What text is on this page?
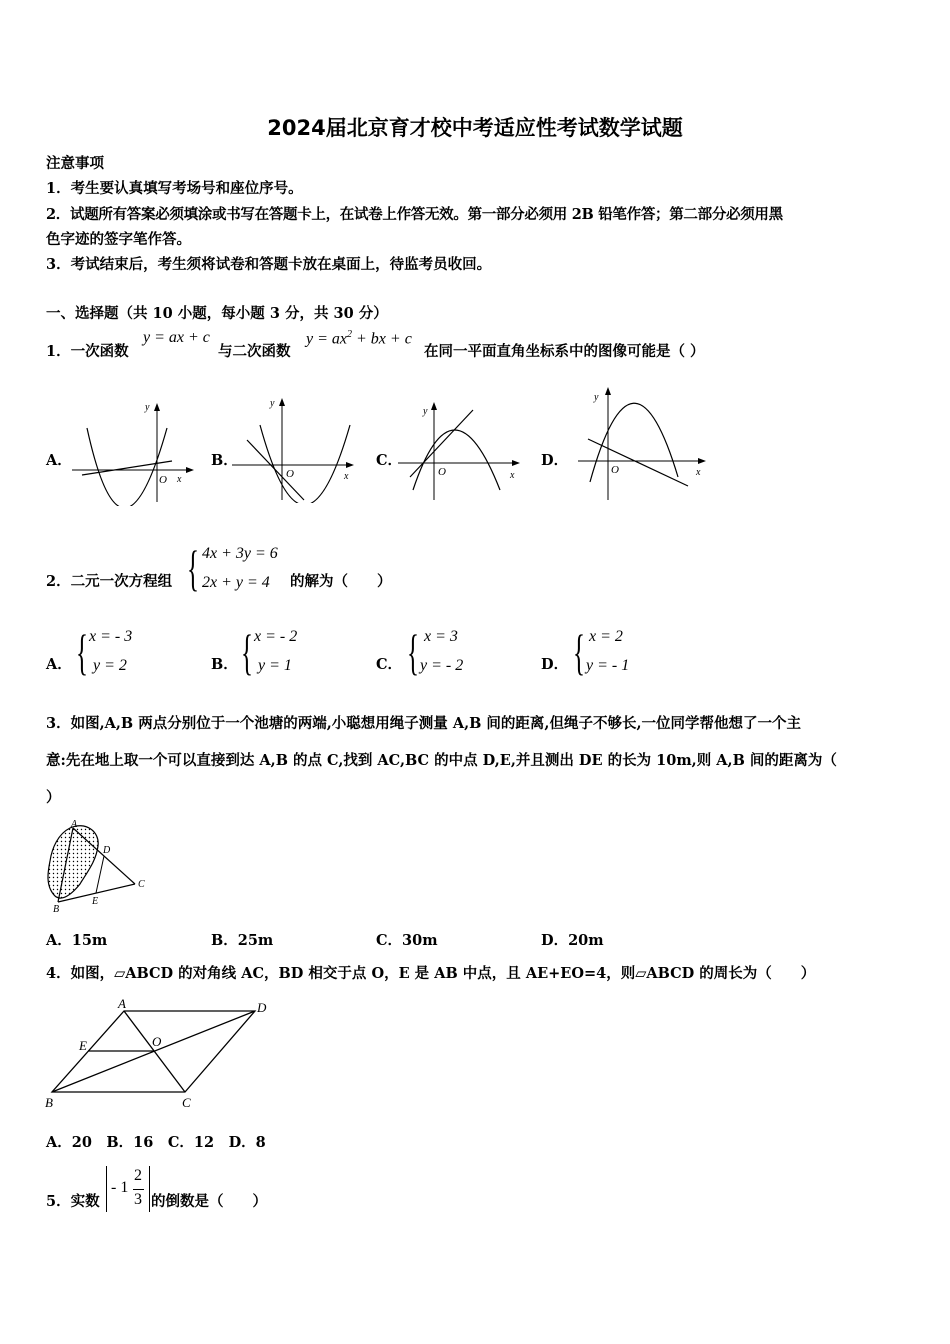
2024届北京育才校中考适应性考试数学试题
注意事项
1．考生要认真填写考场号和座位序号。
2．试题所有答案必须填涂或书写在答题卡上，在试卷上作答无效。第一部分必须用 2B 铅笔作答；第二部分必须用黑
色字迹的签字笔作答。
3．考试结束后，考生须将试卷和答题卡放在桌面上，待监考员收回。
一、选择题（共 10 小题，每小题 3 分，共 30 分）
1．一次函数
y = ax + c
与二次函数
$y = ax^2$ + bx + c
在同一平面直角坐标系中的图像可能是（ ）
A．	B．	C．	D．
y
x
O
y
x
O
y
x
O
y
x
O
2．二元一次方程组 { 4x + 3y = 6
2x + y = 4 的解为（　　）
A． { x = - 3
y = 2	B． { x = - 2
y = 1	C． { x = 3
y = - 2	D． { x = 2
y = - 1
3．如图,A,B 两点分别位于一个池塘的两端,小聪想用绳子测量 A,B 间的距离,但绳子不够长,一位同学帮他想了一个主
意:先在地上取一个可以直接到达 A,B 的点 C,找到 AC,BC 的中点 D,E,并且测出 DE 的长为 10m,则 A,B 间的距离为（
）
A
B
C
D
E
A．15m	B．25m	C．30m	D．20m
4．如图，▱ABCD 的对角线 AC，BD 相交于点 O，E 是 AB 中点，且 AE+EO=4，则▱ABCD 的周长为（　　）
A	D
B	C
E	O
A．20　B．16　C．12　D．8
5．实数
- 1
2
3 的倒数是（　　）
